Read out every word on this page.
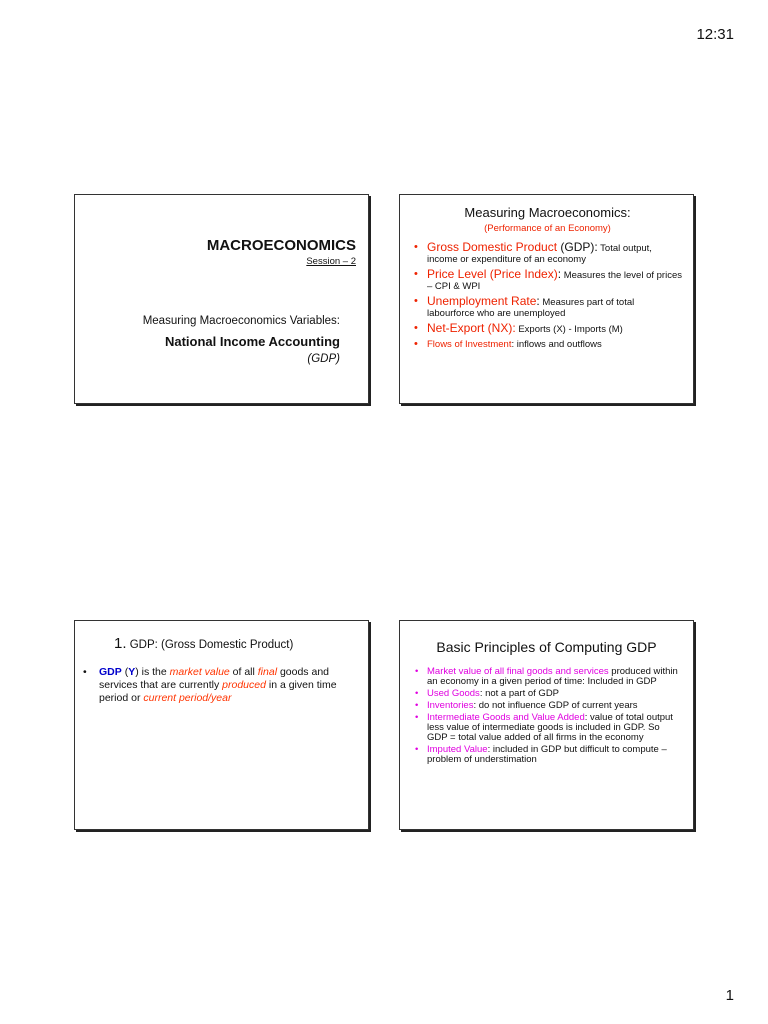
12:31
MACROECONOMICS
Session – 2
Measuring Macroeconomics Variables:
National Income Accounting
(GDP)
Measuring Macroeconomics:
(Performance of an Economy)
• Gross Domestic Product (GDP): Total output, income or expenditure of an economy
• Price Level (Price Index): Measures the level of prices – CPI & WPI
• Unemployment Rate: Measures part of total labourforce who are unemployed
• Net-Export (NX): Exports (X) - Imports (M)
• Flows of Investment: inflows and outflows
1. GDP: (Gross Domestic Product)
• GDP (Y) is the market value of all final goods and services that are currently produced in a given time period or current period/year
Basic Principles of Computing GDP
• Market value of all final goods and services produced within an economy in a given period of time: Included in GDP
• Used Goods: not a part of GDP
• Inventories: do not influence GDP of current years
• Intermediate Goods and Value Added: value of total output less value of intermediate goods is included in GDP. So GDP = total value added of all firms in the economy
• Imputed Value: included in GDP but difficult to compute – problem of understimation
1
